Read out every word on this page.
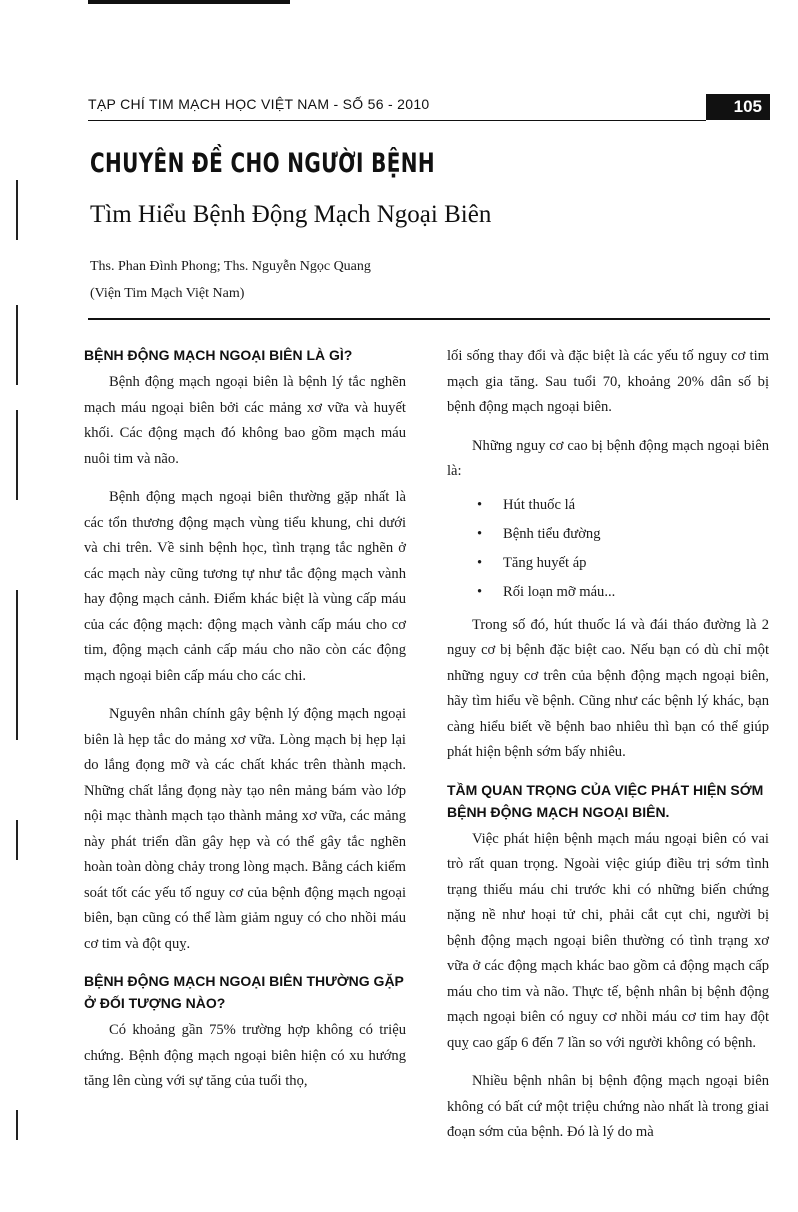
TẠP CHÍ TIM MẠCH HỌC VIỆT NAM - SỐ 56 - 2010	105
CHUYÊN ĐỀ CHO NGƯỜI BỆNH
Tìm Hiểu Bệnh Động Mạch Ngoại Biên
Ths. Phan Đình Phong; Ths. Nguyễn Ngọc Quang
(Viện Tim Mạch Việt Nam)
BỆNH ĐỘNG MẠCH NGOẠI BIÊN LÀ GÌ?

Bệnh động mạch ngoại biên là bệnh lý tắc nghẽn mạch máu ngoại biên bởi các mảng xơ vữa và huyết khối. Các động mạch đó không bao gồm mạch máu nuôi tim và não.

Bệnh động mạch ngoại biên thường gặp nhất là các tổn thương động mạch vùng tiểu khung, chi dưới và chi trên. Về sinh bệnh học, tình trạng tắc nghẽn ở các mạch này cũng tương tự như tắc động mạch vành hay động mạch cảnh. Điểm khác biệt là vùng cấp máu của các động mạch: động mạch vành cấp máu cho cơ tim, động mạch cảnh cấp máu cho não còn các động mạch ngoại biên cấp máu cho các chi.

Nguyên nhân chính gây bệnh lý động mạch ngoại biên là hẹp tắc do mảng xơ vữa. Lòng mạch bị hẹp lại do lắng đọng mỡ và các chất khác trên thành mạch. Những chất lắng đọng này tạo nên mảng bám vào lớp nội mạc thành mạch tạo thành mảng xơ vữa, các mảng này phát triển dần gây hẹp và có thể gây tắc nghẽn hoàn toàn dòng chảy trong lòng mạch. Bằng cách kiểm soát tốt các yếu tố nguy cơ của bệnh động mạch ngoại biên, bạn cũng có thể làm giảm nguy có cho nhồi máu cơ tim và đột quỵ.

BỆNH ĐỘNG MẠCH NGOẠI BIÊN THƯỜNG GẶP Ở ĐỐI TƯỢNG NÀO?

Có khoảng gần 75% trường hợp không có triệu chứng. Bệnh động mạch ngoại biên hiện có xu hướng tăng lên cùng với sự tăng của tuổi thọ,

lối sống thay đổi và đặc biệt là các yếu tố nguy cơ tim mạch gia tăng. Sau tuổi 70, khoảng 20% dân số bị bệnh động mạch ngoại biên.

Những nguy cơ cao bị bệnh động mạch ngoại biên là:

• Hút thuốc lá
• Bệnh tiểu đường
• Tăng huyết áp
• Rối loạn mỡ máu...

Trong số đó, hút thuốc lá và đái tháo đường là 2 nguy cơ bị bệnh đặc biệt cao. Nếu bạn có dù chỉ một những nguy cơ trên của bệnh động mạch ngoại biên, hãy tìm hiểu về bệnh. Cũng như các bệnh lý khác, bạn càng hiểu biết về bệnh bao nhiêu thì bạn có thể giúp phát hiện bệnh sớm bấy nhiêu.

TẦM QUAN TRỌNG CỦA VIỆC PHÁT HIỆN SỚM BỆNH ĐỘNG MẠCH NGOẠI BIÊN.

Việc phát hiện bệnh mạch máu ngoại biên có vai trò rất quan trọng. Ngoài việc giúp điều trị sớm tình trạng thiếu máu chi trước khi có những biến chứng nặng nề như hoại tử chi, phải cắt cụt chi, người bị bệnh động mạch ngoại biên thường có tình trạng xơ vữa ở các động mạch khác bao gồm cả động mạch cấp máu cho tim và não. Thực tế, bệnh nhân bị bệnh động mạch ngoại biên có nguy cơ nhồi máu cơ tim hay đột quỵ cao gấp 6 đến 7 lần so với người không có bệnh.

Nhiều bệnh nhân bị bệnh động mạch ngoại biên không có bất cứ một triệu chứng nào nhất là trong giai đoạn sớm của bệnh. Đó là lý do mà
